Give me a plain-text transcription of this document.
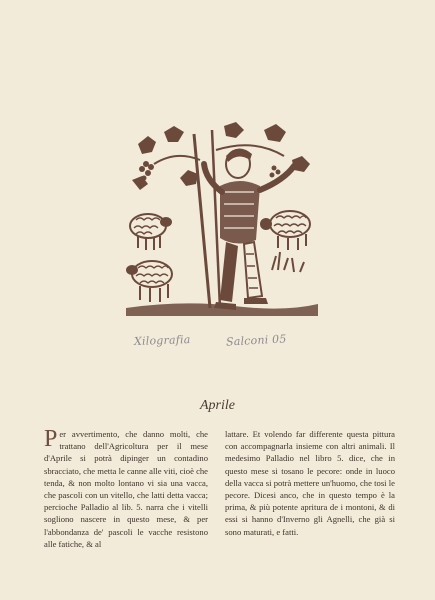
Xilografia	Salconi 05
Aprile
Per avvertimento, che danno molti, che trattano dell'Agricoltura per il mese d'Aprile si potrà dipinger un contadino sbracciato, che metta le canne alle viti, cioè che tenda, & non molto lontano vi sia una vacca, che pascoli con un vitello, che latti detta vacca; percioche Palladio al lib. 5. narra che i vitelli sogliono nascere in questo mese, & per l'abbondanza de' pascoli le vacche resistono alle fatiche, & al
lattare. Et volendo far differente questa pittura con accompagnarla insieme con altri animali. Il medesimo Palladio nel libro 5. dice, che in questo mese si tosano le pecore: onde in luoco della vacca si potrà mettere un'huomo, che tosi le pecore. Dicesi anco, che in questo tempo è la prima, & più potente apritura de i montoni, & di essi si hanno d'Inverno gli Agnelli, che già si sono maturati, e fatti.
